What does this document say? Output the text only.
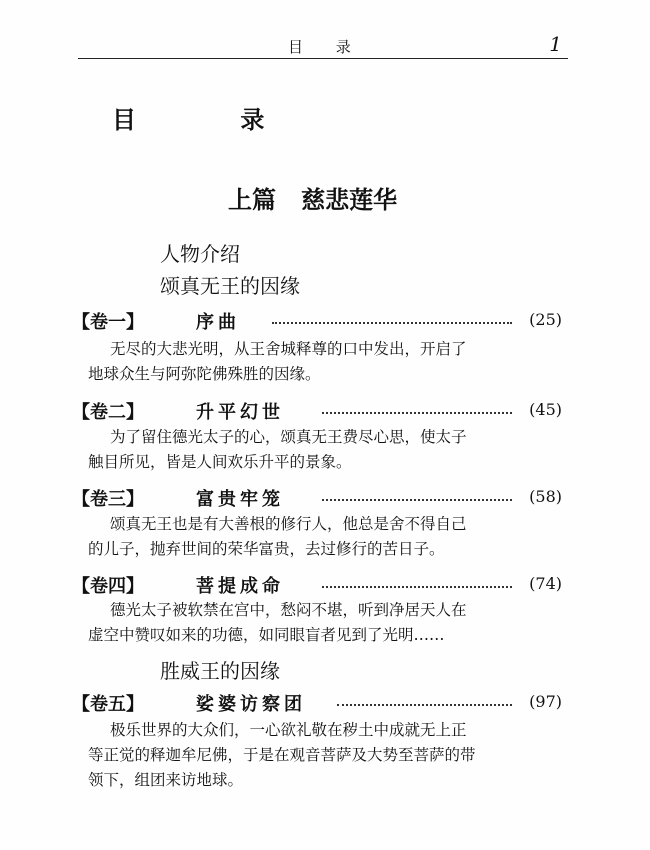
目 录	1
目 录
上篇   慈悲莲华
人物介绍
颂真无王的因缘
【卷一】	序曲	(25)

无尽的大悲光明，从王舍城释尊的口中发出，开启了

地球众生与阿弥陀佛殊胜的因缘。

【卷二】	升平幻世	(45)

为了留住德光太子的心，颂真无王费尽心思，使太子

触目所见，皆是人间欢乐升平的景象。

【卷三】	富贵牢笼	(58)

颂真无王也是有大善根的修行人，他总是舍不得自己

的儿子，抛弃世间的荣华富贵，去过修行的苦日子。

【卷四】	菩提成命	(74)

德光太子被软禁在宫中，愁闷不堪，听到净居天人在

虚空中赞叹如来的功德，如同眼盲者见到了光明……

胜威王的因缘
【卷五】	娑婆访察团	(97)

极乐世界的大众们，一心欲礼敬在秽土中成就无上正

等正觉的释迦牟尼佛，于是在观音菩萨及大势至菩萨的带

领下，组团来访地球。
